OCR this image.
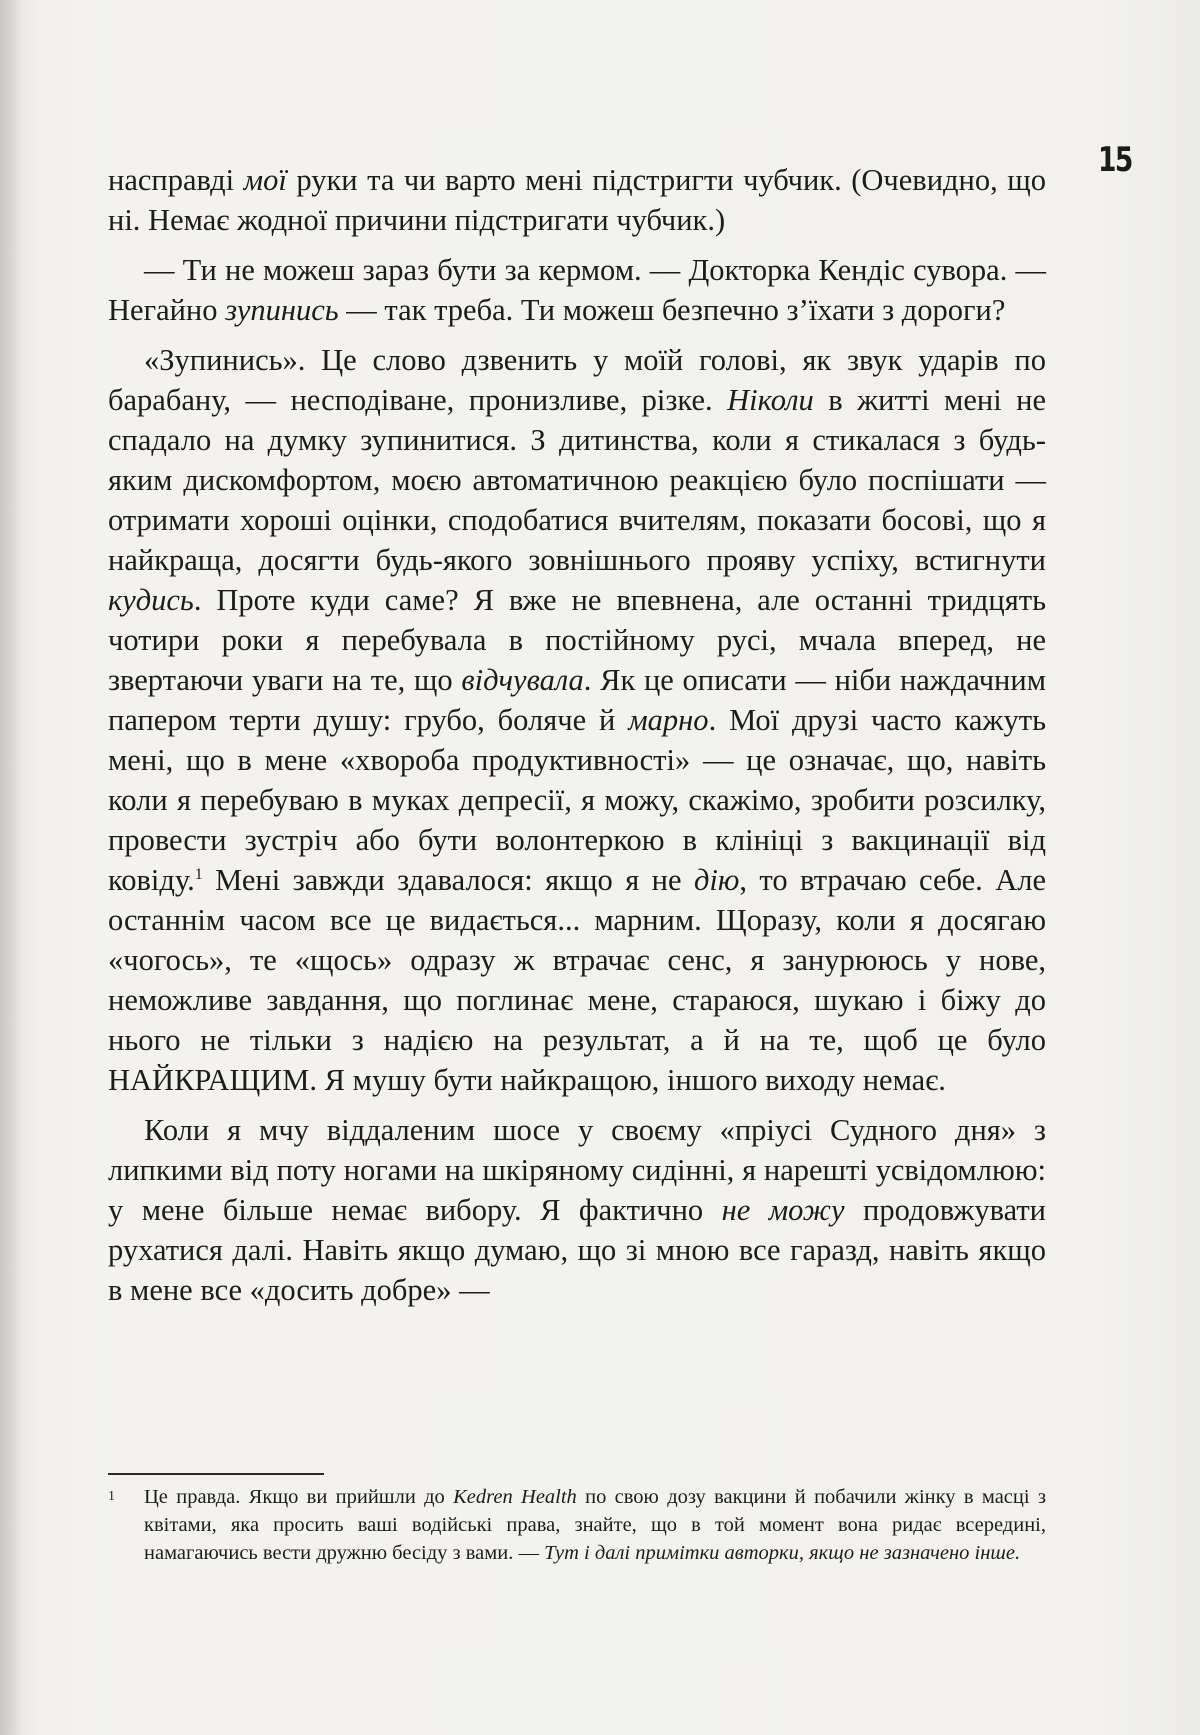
15

насправді мої руки та чи варто мені підстригти чубчик. (Очевидно, що ні. Немає жодної причини підстригати чубчик.)

— Ти не можеш зараз бути за кермом. — Докторка Кендіс сувора. — Негайно зупинись — так треба. Ти можеш безпечно з’їхати з дороги?

«Зупинись». Це слово дзвенить у моїй голові, як звук ударів по барабану, — несподіване, пронизливе, різке. Ніколи в житті мені не спадало на думку зупинитися. З дитинства, коли я стикалася з будь-яким дискомфортом, моєю автоматичною реакцією було поспішати — отримати хороші оцінки, сподобатися вчителям, показати босові, що я найкраща, досягти будь-якого зовнішнього прояву успіху, встигнути кудись. Проте куди саме? Я вже не впевнена, але останні тридцять чотири роки я перебувала в постійному русі, мчала вперед, не звертаючи уваги на те, що відчувала. Як це описати — ніби наждачним папером терти душу: грубо, боляче й марно. Мої друзі часто кажуть мені, що в мене «хвороба продуктивності» — це означає, що, навіть коли я перебуваю в муках депресії, я можу, скажімо, зробити розсилку, провести зустріч або бути волонтеркою в клініці з вакцинації від ковіду.$^1$ Мені завжди здавалося: якщо я не дію, то втрачаю себе. Але останнім часом все це видається... марним. Щоразу, коли я досягаю «чогось», те «щось» одразу ж втрачає сенс, я занурююсь у нове, неможливе завдання, що поглинає мене, стараюся, шукаю і біжу до нього не тільки з надією на результат, а й на те, щоб це було НАЙКРАЩИМ. Я мушу бути найкращою, іншого виходу немає.

Коли я мчу віддаленим шосе у своєму «пріусі Судного дня» з липкими від поту ногами на шкіряному сидінні, я нарешті усвідомлюю: у мене більше немає вибору. Я фактично не можу продовжувати рухатися далі. Навіть якщо думаю, що зі мною все гаразд, навіть якщо в мене все «досить добре» —

1 Це правда. Якщо ви прийшли до Kedren Health по свою дозу вакцини й побачили жінку в масці з квітами, яка просить ваші водійські права, знайте, що в той момент вона ридає всередині, намагаючись вести дружню бесіду з вами. — Тут і далі примітки авторки, якщо не зазначено інше.
